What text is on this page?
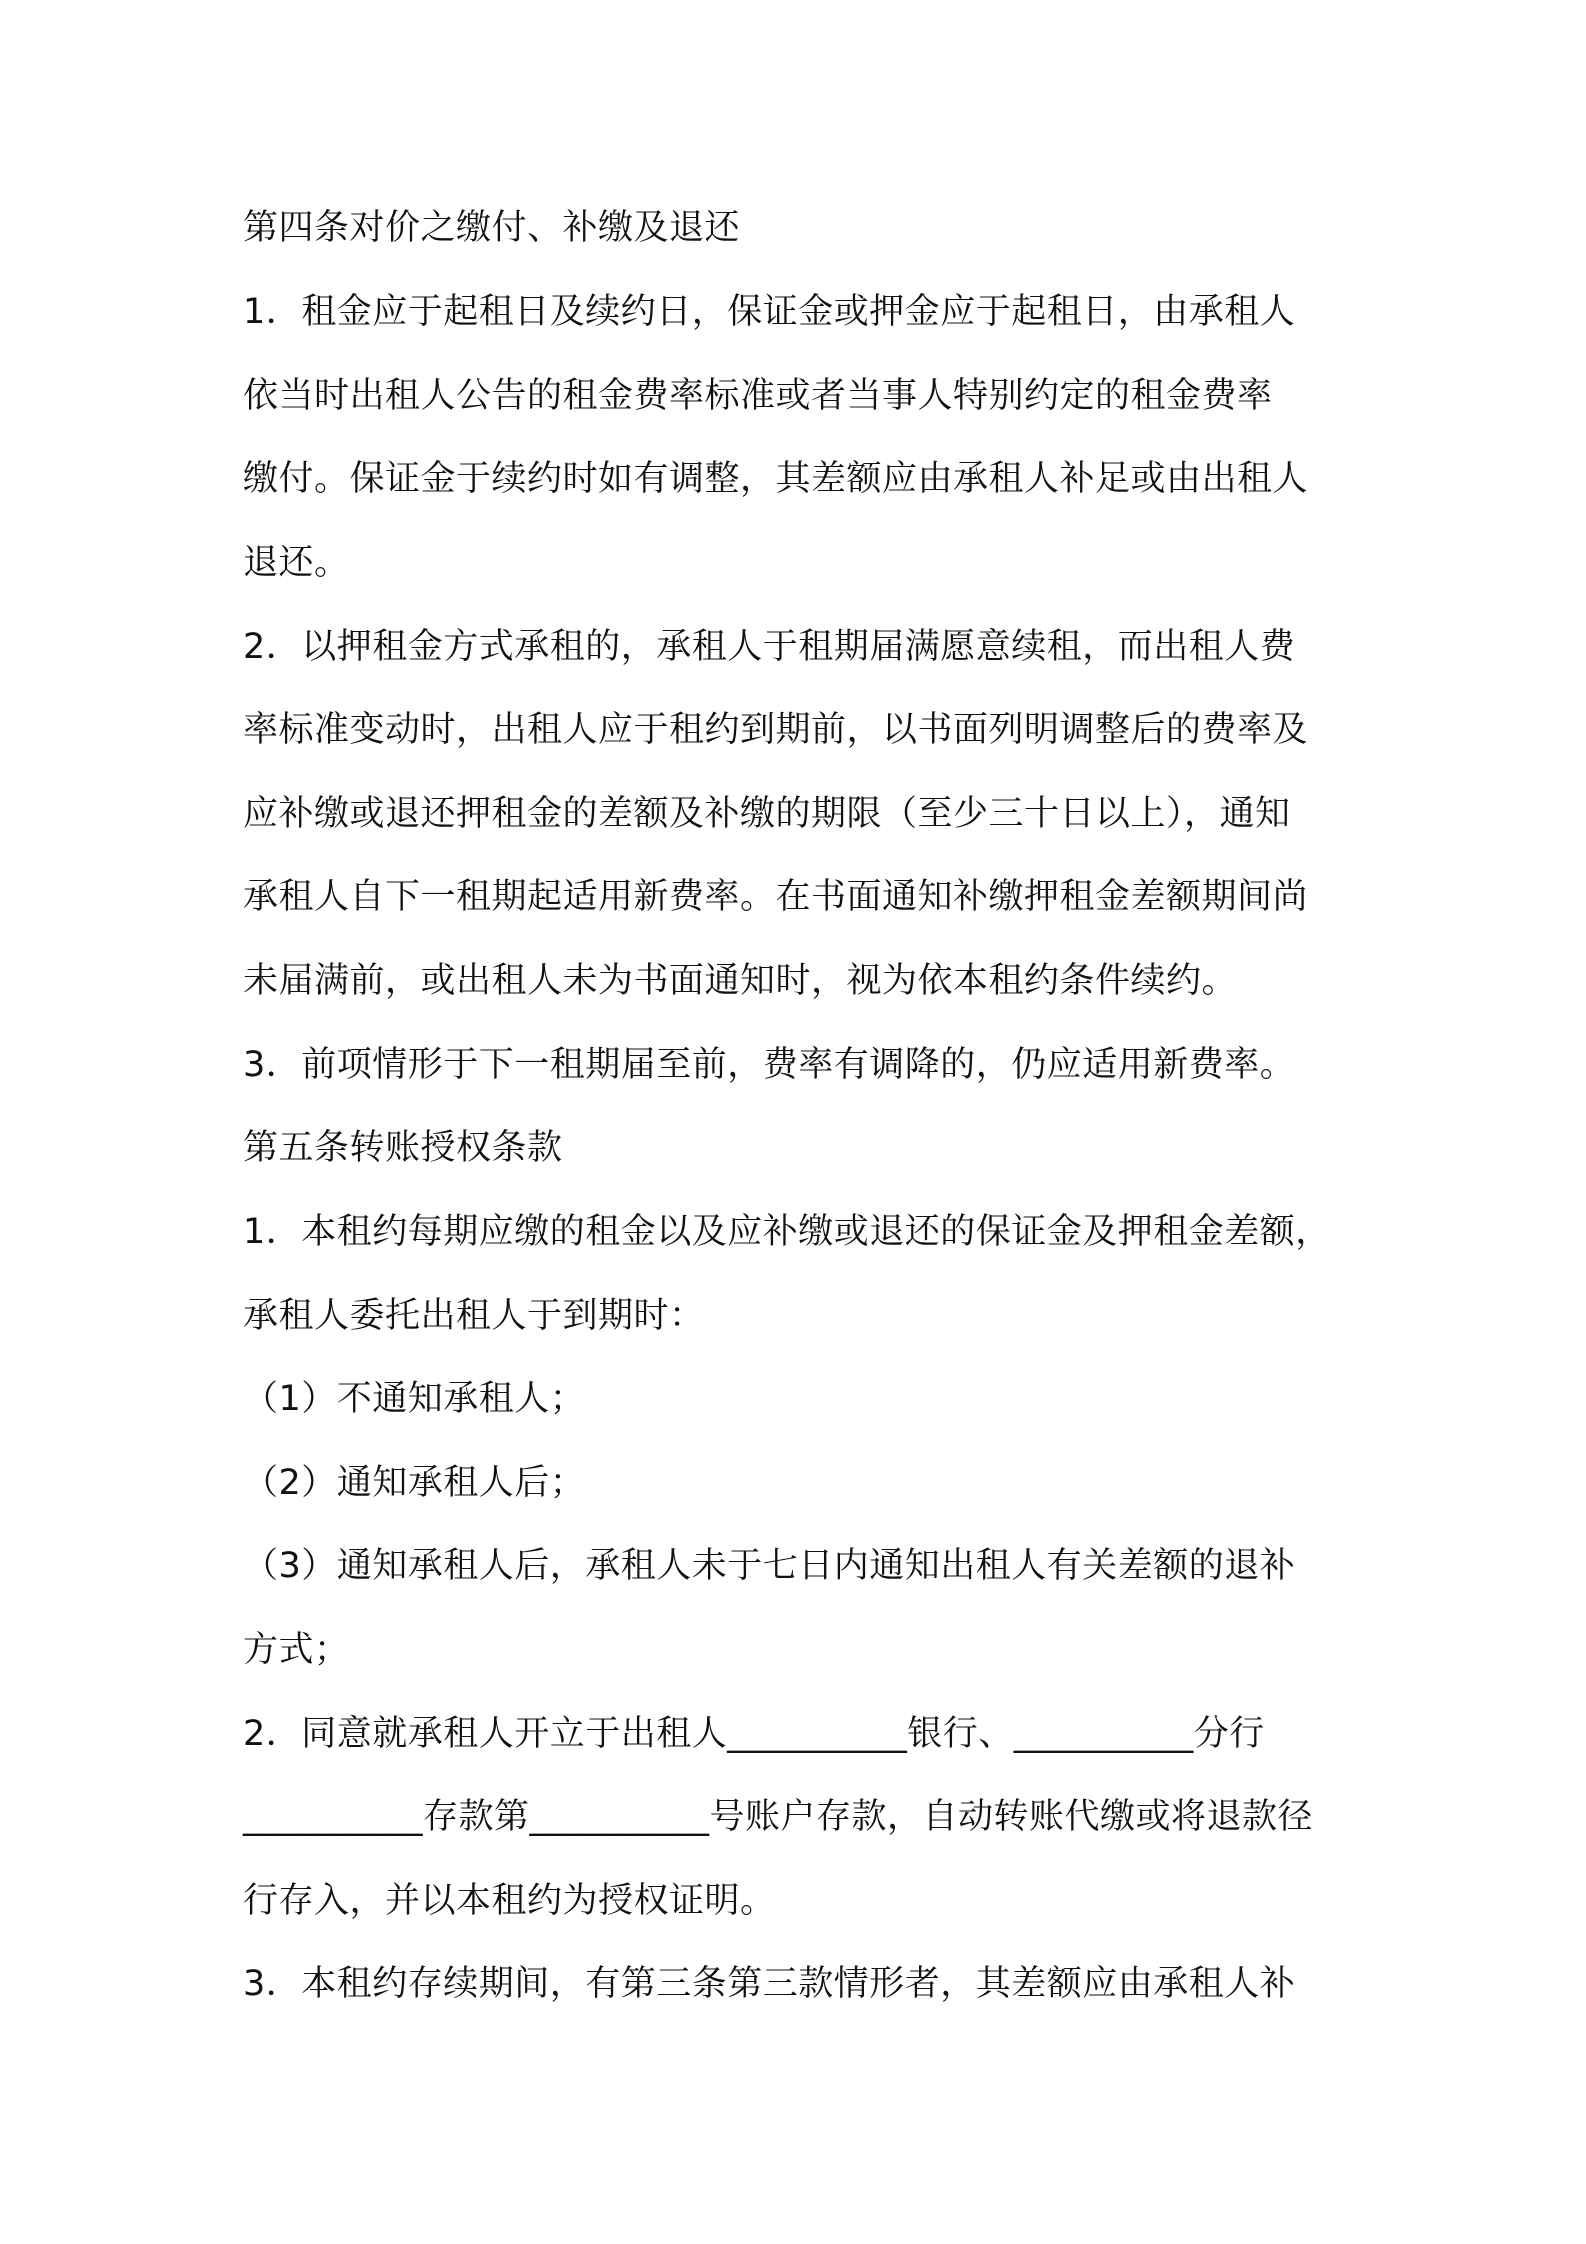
第四条对价之缴付、补缴及退还
1．租金应于起租日及续约日，保证金或押金应于起租日，由承租人
依当时出租人公告的租金费率标准或者当事人特别约定的租金费率
缴付。保证金于续约时如有调整，其差额应由承租人补足或由出租人
退还。
2．以押租金方式承租的，承租人于租期届满愿意续租，而出租人费
率标准变动时，出租人应于租约到期前，以书面列明调整后的费率及
应补缴或退还押租金的差额及补缴的期限（至少三十日以上），通知
承租人自下一租期起适用新费率。在书面通知补缴押租金差额期间尚
未届满前，或出租人未为书面通知时，视为依本租约条件续约。
3．前项情形于下一租期届至前，费率有调降的，仍应适用新费率。
第五条转账授权条款
1．本租约每期应缴的租金以及应补缴或退还的保证金及押租金差额，
承租人委托出租人于到期时：
（1）不通知承租人；
（2）通知承租人后；
（3）通知承租人后，承租人未于七日内通知出租人有关差额的退补
方式；
2．同意就承租人开立于出租人__________银行、__________分行
__________存款第__________号账户存款，自动转账代缴或将退款径
行存入，并以本租约为授权证明。
3．本租约存续期间，有第三条第三款情形者，其差额应由承租人补
